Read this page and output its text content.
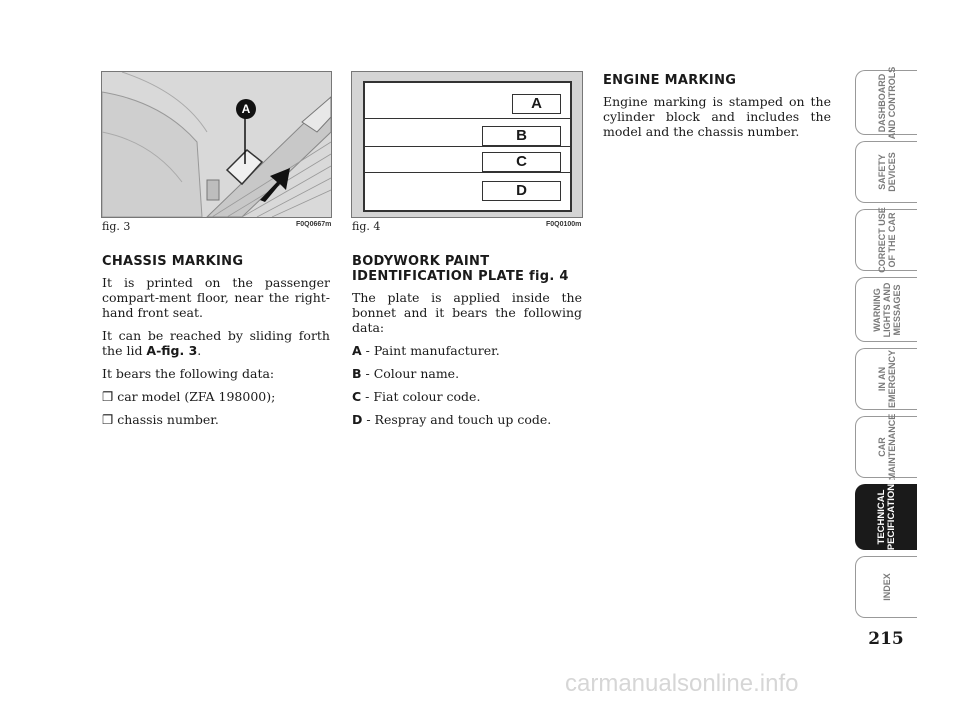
A
fig. 3	F0Q0667m
A
B
C
D
fig. 4	F0Q0100m
CHASSIS MARKING

It is printed on the passenger compart-ment floor, near the right-hand front seat.

It can be reached by sliding forth the lid A-fig. 3.

It bears the following data:

❒ car model (ZFA 198000);

❒ chassis number.

BODYWORK PAINT IDENTIFICATION PLATE fig. 4

The plate is applied inside the bonnet and it bears the following data:

A - Paint manufacturer.

B - Colour name.

C - Fiat colour code.

D - Respray and touch up code.

ENGINE MARKING

Engine marking is stamped on the cylinder block and includes the model and the chassis number.	DASHBOARD
AND CONTROLS
SAFETY
DEVICES
CORRECT USE
OF THE CAR
WARNING
LIGHTS AND
MESSAGES
IN AN
EMERGENCY
CAR
MAINTENANCE
TECHNICAL
SPECIFICATIONS
INDEX
215
carmanualsonline.info
